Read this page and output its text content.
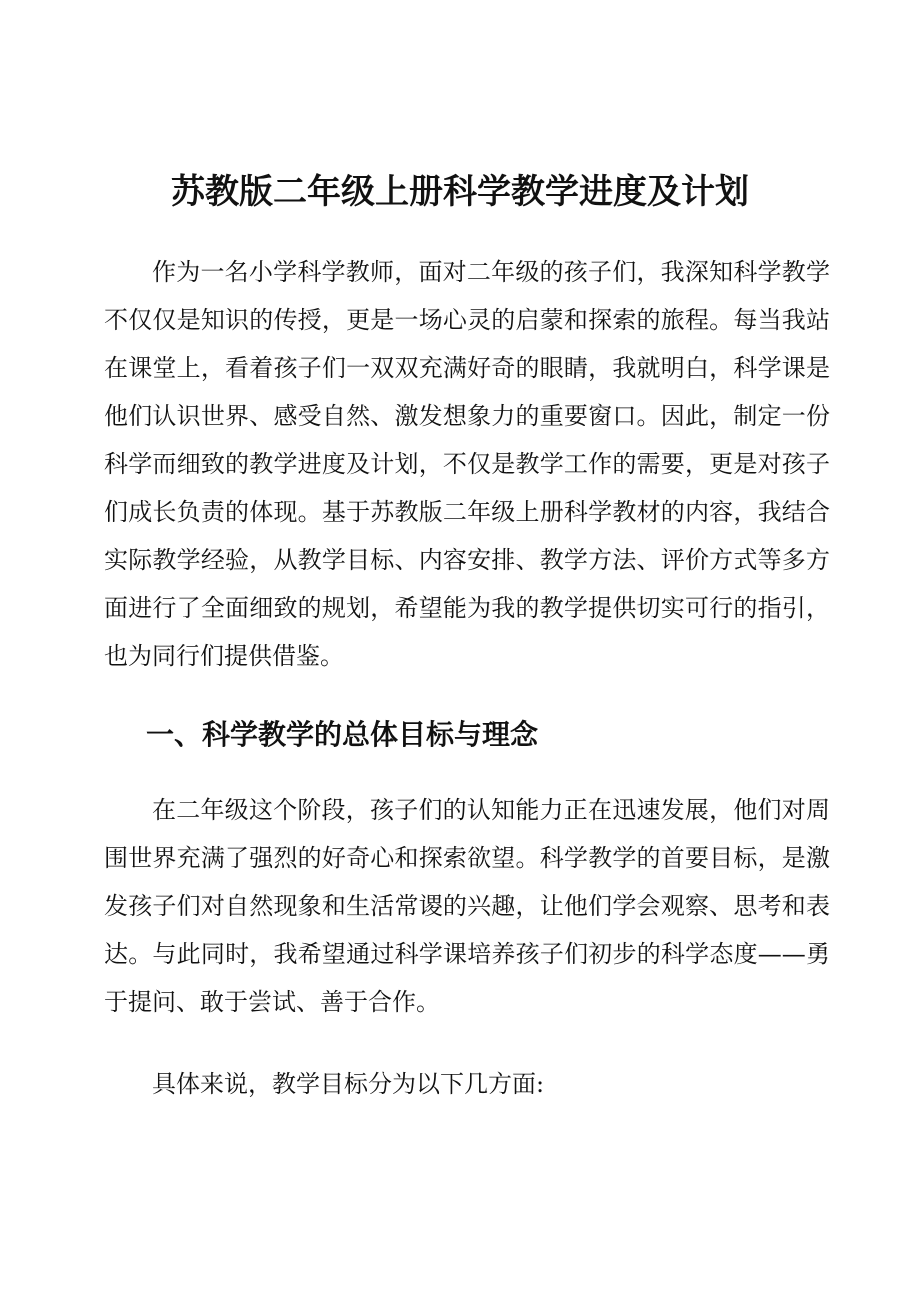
苏教版二年级上册科学教学进度及计划

作为一名小学科学教师，面对二年级的孩子们，我深知科学教学不仅仅是知识的传授，更是一场心灵的启蒙和探索的旅程。每当我站在课堂上，看着孩子们一双双充满好奇的眼睛，我就明白，科学课是他们认识世界、感受自然、激发想象力的重要窗口。因此，制定一份科学而细致的教学进度及计划，不仅是教学工作的需要，更是对孩子们成长负责的体现。基于苏教版二年级上册科学教材的内容，我结合实际教学经验，从教学目标、内容安排、教学方法、评价方式等多方面进行了全面细致的规划，希望能为我的教学提供切实可行的指引，也为同行们提供借鉴。

一、科学教学的总体目标与理念

在二年级这个阶段，孩子们的认知能力正在迅速发展，他们对周围世界充满了强烈的好奇心和探索欲望。科学教学的首要目标，是激发孩子们对自然现象和生活常谡的兴趣，让他们学会观察、思考和表达。与此同时，我希望通过科学课培养孩子们初步的科学态度——勇于提问、敢于尝试、善于合作。

具体来说，教学目标分为以下几方面:
